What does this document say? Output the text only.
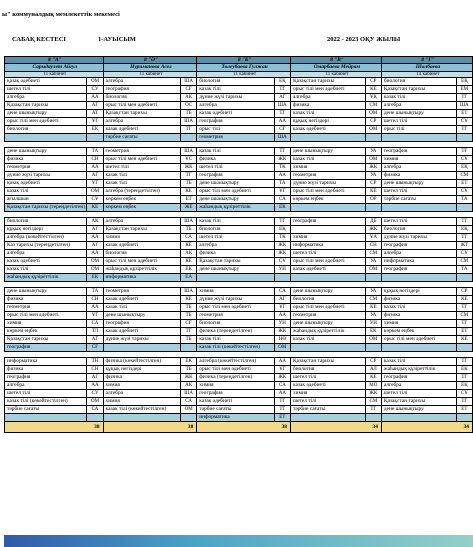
ы" коммуналдық мемлекеттік мекемесі
САБАҚ КЕСТЕСІ	1-АУЫСЫМ	2022 - 2023 ОҚУ ЖЫЛЫ
8 "А"		8 "Ә"		8 "Б"		8 "В"		8 "Г"	
Сарыдаулет Айгул		Нуриманова Асел		Толеубаева Гулжан		Омарбаева Мейрам		Шалбаева	
11 кабинет		11 кабинет		11 кабинет		11 кабинет		14 кабинет	
қазақ әдебиеті	ОМ	алгебра	ША	биология	ЕҚ	Қазақстан тарихы	СР	биология	ЕҚ
шетел тілі	СУ	география	СҒ	казак тілі	ТГ	орыс тілі мен әдебиеті	КЕ	Қазақстан тарихы	ЕМ
алгебра	АА	биология	АК	дүние жүзі тарихы	АГ	алгебра	ҰҚ	казак тілі	ТГ
Қазақстан тарихы	АГ	орыс тілі мен әдебиеті	ОС	алгебра	ША	физика	СМ	алгебра	ША
дене шынықтыру	АТ	Қазақстан тарихы	ТБ	казак әдебиеті	ТГ	казак тілі	ОМ	дене шынықтыру	ЕТ
орыс тілі мен әдебиеті	ҰГ	алгебра	ША	география	АА	құқық негіздері	СР	шетел тілі	СҰ
биология	ЕҚ	казак әдебиеті	ТГ	орыс тілі	СҒ	казак әдебиеті	ОМ	орыс тілі	ТГ
		тәрбие сағаты		геометрия	ША				

дене шынықтыру	ТА	геометрия	ША	казак тілі	ТГ	дене шынықтыру	УА	география	ТҒ
физика	СН	орыс тілі мен әдебиеті	ҰС	физика	ЖК	казак тілі	ОМ	химия	СҰ
геометрия	АА	шетел тілі	ЖК	шетел тілі	ТК	химия	ЖК	алгебра	ЕҚ
дүние жүзі тарихы	АГ	казак тілі	ТГ	география	АА	геометрия	УА	физика	СМ
қазақ әдебиеті	ҰГ	казак тілі	ТБ	дене шынықтыру	ТА	дүние жүзі тарихы	СР	дене шынықтыру	ЕТ
казак тілі	ОМ	алгебра (тереңдетілген)	КЕ	орыс тілі мен әдебиеті	ҰГ	орыс тілі мен әдебиеті	КЕ	шетел тілі	СҰ
ағылшын	СҰ	көркем еңбек	ЕТ	дене шынықтыру	СА	көркем еңбек	ОР	тәрбие сағаты	ТА
Қазақстан тарихы (тереңдетілген)	КЕ	көркем еңбек	ЖЕ	жаһандық құзіреттілік	ЕК				

биология	АК	алгебра	ША	казак тілі	ТГ	география	ДБ	шетел тілі	ТГ
құқық негіздері	АГ	Қазақстан тарихы	ТБ	биология	ЕҚ		ЖК	биология	ЕҚ
алгебра (көкейтестілген)	АА	химия	СА	шетел тілі	ТК	химия	ҰА	дүние жүзі тарихы	ТГ
Каз тарихы (тереңдетілген)	АГ	казак әдебиеті	КЕ	алгебра	ЖК	информатика	СН	география	ЖТ
алгебра	АА	биология	АК	физика	ЖК	шетел тілі	СМ	алгебра	СҰ
казак әдебиеті	ОМ	орыс тілі мен әдебиеті	КЕ	Қазақстан тарихы	СҰ	орыс тілі мен әдебиеті	УА	информатика	СМ
казак тілі	ОМ	жаһандық құзіреттілік	ЕК	дене шынықтыру	УН	казак әдебиеті	ОМ	география	ТА
жаһандық құзіреттілік	ЕК	информатика	ЕА						

дене шынықтыру	ТА	геометрия	ША	химия	СА	дене шынықтыру	УА	құқық негіздері	СР
физика	СН	казак әдебиеті	КЕ	дүние жүзі тарихы	АГ	биология	СМ	физика	КЕ
геометрия	АА	казак тілі	ТБ	орыс тілі мен әдебиеті	ҰГ	орыс тілі мен әдебиеті	КЕ	казак тілі	ТГ
орыс тілі мен әдебиеті	ҰГ	дене шынықтыру	ТБ	геометрия	АА	геометрия	УА	физика	СМ
химия	СА	география	СҒ	биология	УН	дене шынықтыру	УН	химия	ТГ
көркем еңбек	ТЛ	казак әдебиеті	ТГ	физика (тереңдетілген)	ЖК	жаһандық құзіреттілік	ЕК	көркем еңбек	ЕТ
Қазақстан тарихы	АГ	дүние жүзі тарихы	ТБ	казак тілі	НӨ	казак тілі	ОМ	орыс тілі мен әдебиеті	КЕ
география	СҒ			казак тілі (көкейтестілген)	ОМ				

информатика	ТН	физика (көкейтестілген)	ЕК	алгебра (көкейтестілген)	АА	Қазақстан тарихы	СР	казак тілі	ТГ
физика	СН	құқық негіздері	ТБ	орыс тілі мен әдебиеті	ҰГ	биология	АЛ	жаһандық құзіреттілік	ЕК
география	АГ	физика	ЖК	физика (тереңдетілген)	ЖК	шетел тілі	КЕ	география	ТГ
алгебра	АА	химия	АК	химия	СА	казак әдебиеті	МО	алгебра	ЕҚ
шетел тілі	СУ	алгебра	ША	география	АА	химия	ЖК	шетел тілі	СҰ
казак тілі (көкейтестілген)	ОМ	химия	СА	казак әдебиеті	ТГ	шетел тілі	СМ	Қазақстан тарихы	ТГ
тәрбие сағаты	СА	казак тілі (көкейтестілген)	ОМ	тәрбие сағаты	ТГ	тәрбие сағаты	ТГ	дене шынықтыру	ЕТ
				информатика	ЕТ				
38		38		38		34		34	
